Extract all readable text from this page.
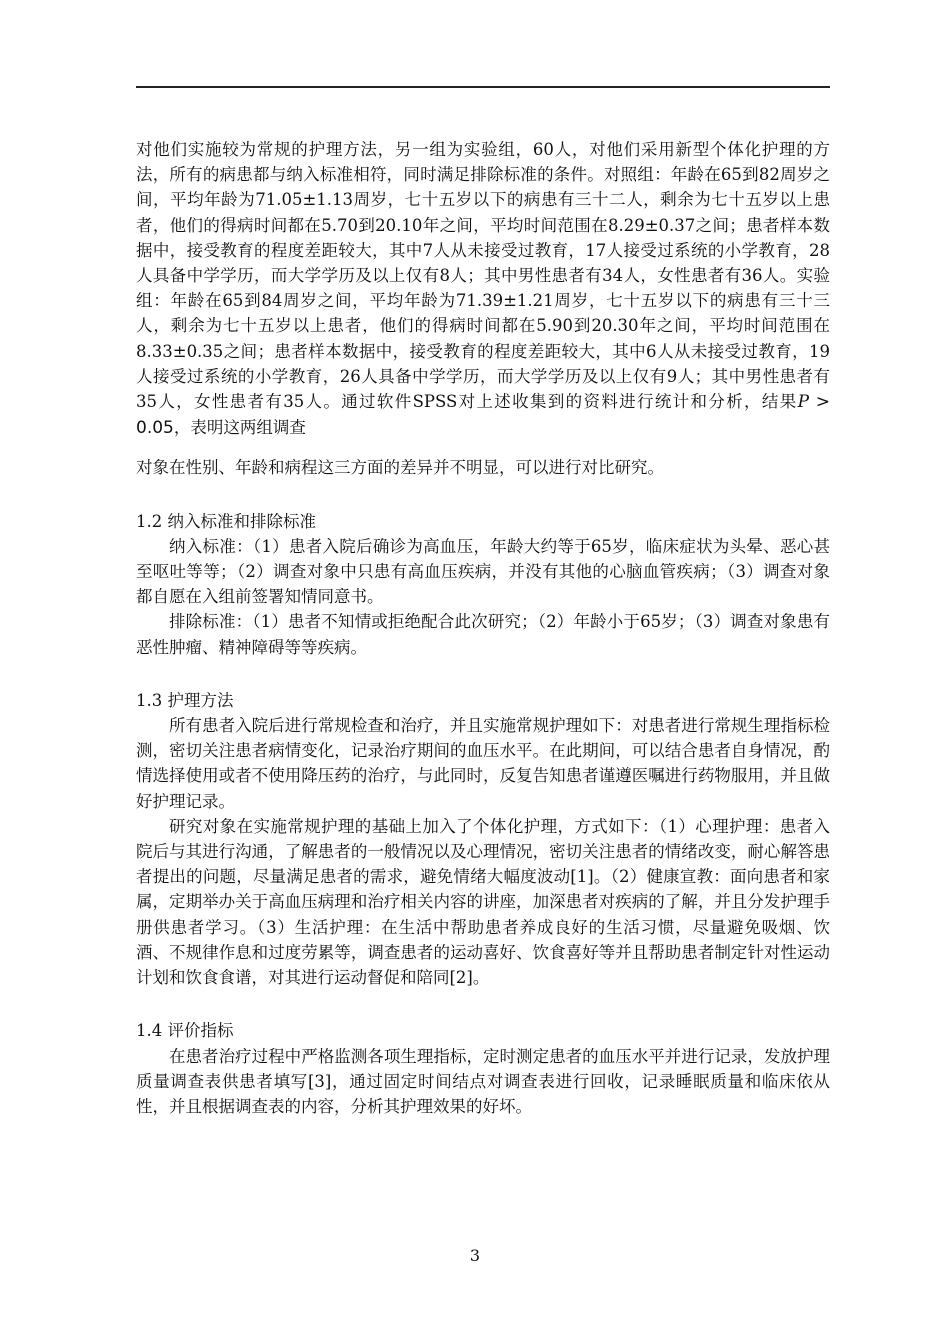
对他们实施较为常规的护理方法，另一组为实验组，60人，对他们采用新型个体化护理的方法，所有的病患都与纳入标准相符，同时满足排除标准的条件。对照组：年龄在65到82周岁之间，平均年龄为71.05±1.13周岁，七十五岁以下的病患有三十二人，剩余为七十五岁以上患者，他们的得病时间都在5.70到20.10年之间，平均时间范围在8.29±0.37之间；患者样本数据中，接受教育的程度差距较大，其中7人从未接受过教育，17人接受过系统的小学教育，28人具备中学学历，而大学学历及以上仅有8人；其中男性患者有34人，女性患者有36人。实验组：年龄在65到84周岁之间，平均年龄为71.39±1.21周岁，七十五岁以下的病患有三十三人，剩余为七十五岁以上患者，他们的得病时间都在5.90到20.30年之间，平均时间范围在8.33±0.35之间；患者样本数据中，接受教育的程度差距较大，其中6人从未接受过教育，19人接受过系统的小学教育，26人具备中学学历，而大学学历及以上仅有9人；其中男性患者有35人，女性患者有35人。通过软件SPSS对上述收集到的资料进行统计和分析，结果P > 0.05，表明这两组调查

对象在性别、年龄和病程这三方面的差异并不明显，可以进行对比研究。

1.2 纳入标准和排除标准

纳入标准：（1）患者入院后确诊为高血压，年龄大约等于65岁，临床症状为头晕、恶心甚至呕吐等等；（2）调查对象中只患有高血压疾病，并没有其他的心脑血管疾病；（3）调查对象都自愿在入组前签署知情同意书。

排除标准：（1）患者不知情或拒绝配合此次研究；（2）年龄小于65岁；（3）调查对象患有恶性肿瘤、精神障碍等等疾病。

1.3 护理方法

所有患者入院后进行常规检查和治疗，并且实施常规护理如下：对患者进行常规生理指标检测，密切关注患者病情变化，记录治疗期间的血压水平。在此期间，可以结合患者自身情况，酌情选择使用或者不使用降压药的治疗，与此同时，反复告知患者谨遵医嘱进行药物服用，并且做好护理记录。

研究对象在实施常规护理的基础上加入了个体化护理，方式如下：（1）心理护理：患者入院后与其进行沟通，了解患者的一般情况以及心理情况，密切关注患者的情绪改变，耐心解答患者提出的问题，尽量满足患者的需求，避免情绪大幅度波动[1]。（2）健康宣教：面向患者和家属，定期举办关于高血压病理和治疗相关内容的讲座，加深患者对疾病的了解，并且分发护理手册供患者学习。（3）生活护理：在生活中帮助患者养成良好的生活习惯，尽量避免吸烟、饮酒、不规律作息和过度劳累等，调查患者的运动喜好、饮食喜好等并且帮助患者制定针对性运动计划和饮食食谱，对其进行运动督促和陪同[2]。

1.4 评价指标

在患者治疗过程中严格监测各项生理指标，定时测定患者的血压水平并进行记录，发放护理质量调查表供患者填写[3]，通过固定时间结点对调查表进行回收，记录睡眠质量和临床依从性，并且根据调查表的内容，分析其护理效果的好坏。

3
